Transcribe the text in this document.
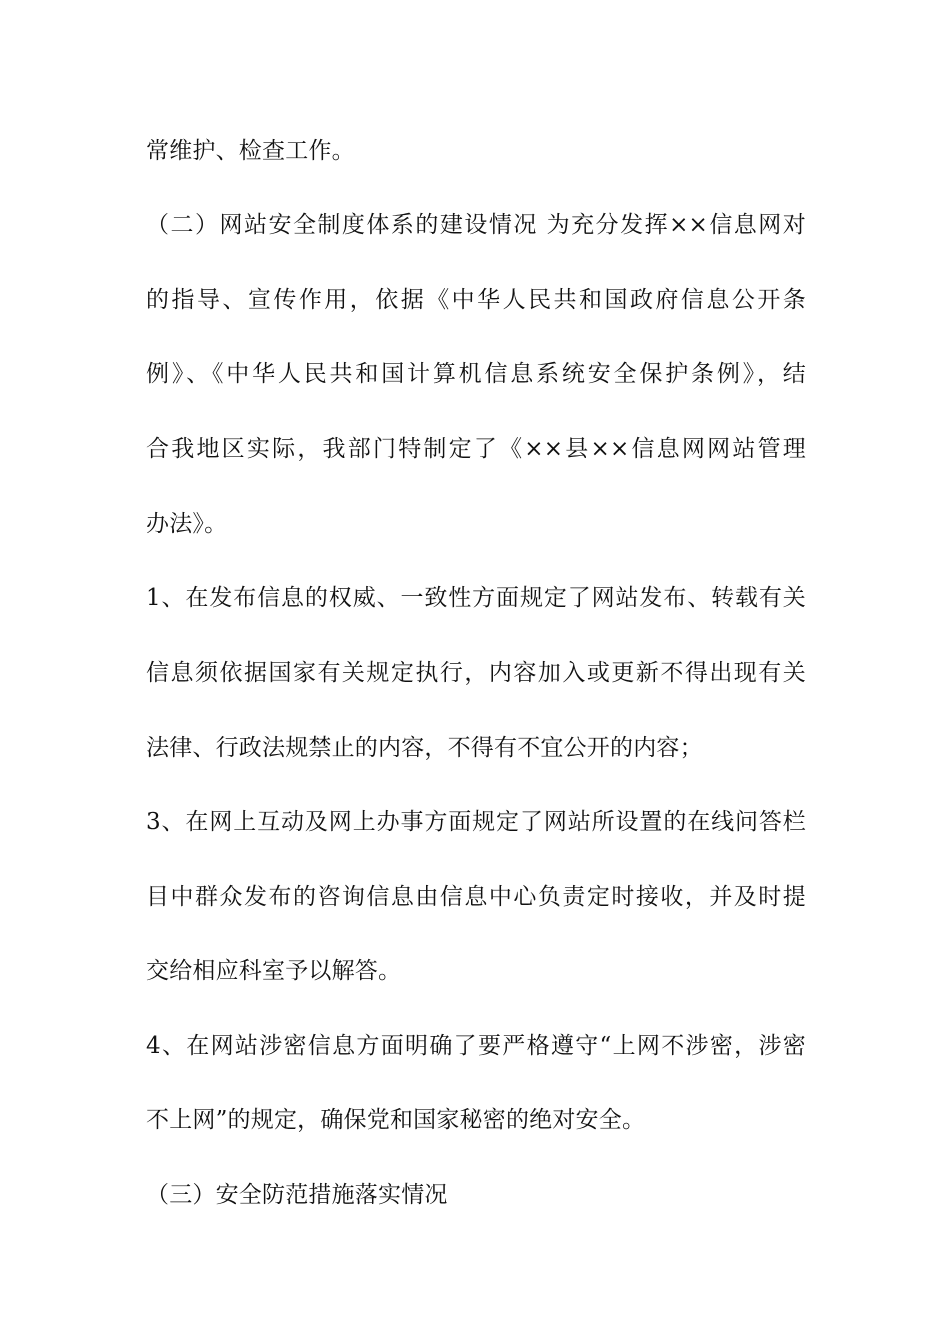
常维护、检查工作。
（二）网站安全制度体系的建设情况 为充分发挥××信息网对
的指导、宣传作用，依据《中华人民共和国政府信息公开条
例》、《中华人民共和国计算机信息系统安全保护条例》，结
合我地区实际，我部门特制定了《××县××信息网网站管理
办法》。
1、在发布信息的权威、一致性方面规定了网站发布、转载有关
信息须依据国家有关规定执行，内容加入或更新不得出现有关
法律、行政法规禁止的内容，不得有不宜公开的内容；
3、在网上互动及网上办事方面规定了网站所设置的在线问答栏
目中群众发布的咨询信息由信息中心负责定时接收，并及时提
交给相应科室予以解答。
4、在网站涉密信息方面明确了要严格遵守“上网不涉密，涉密
不上网”的规定，确保党和国家秘密的绝对安全。
（三）安全防范措施落实情况
